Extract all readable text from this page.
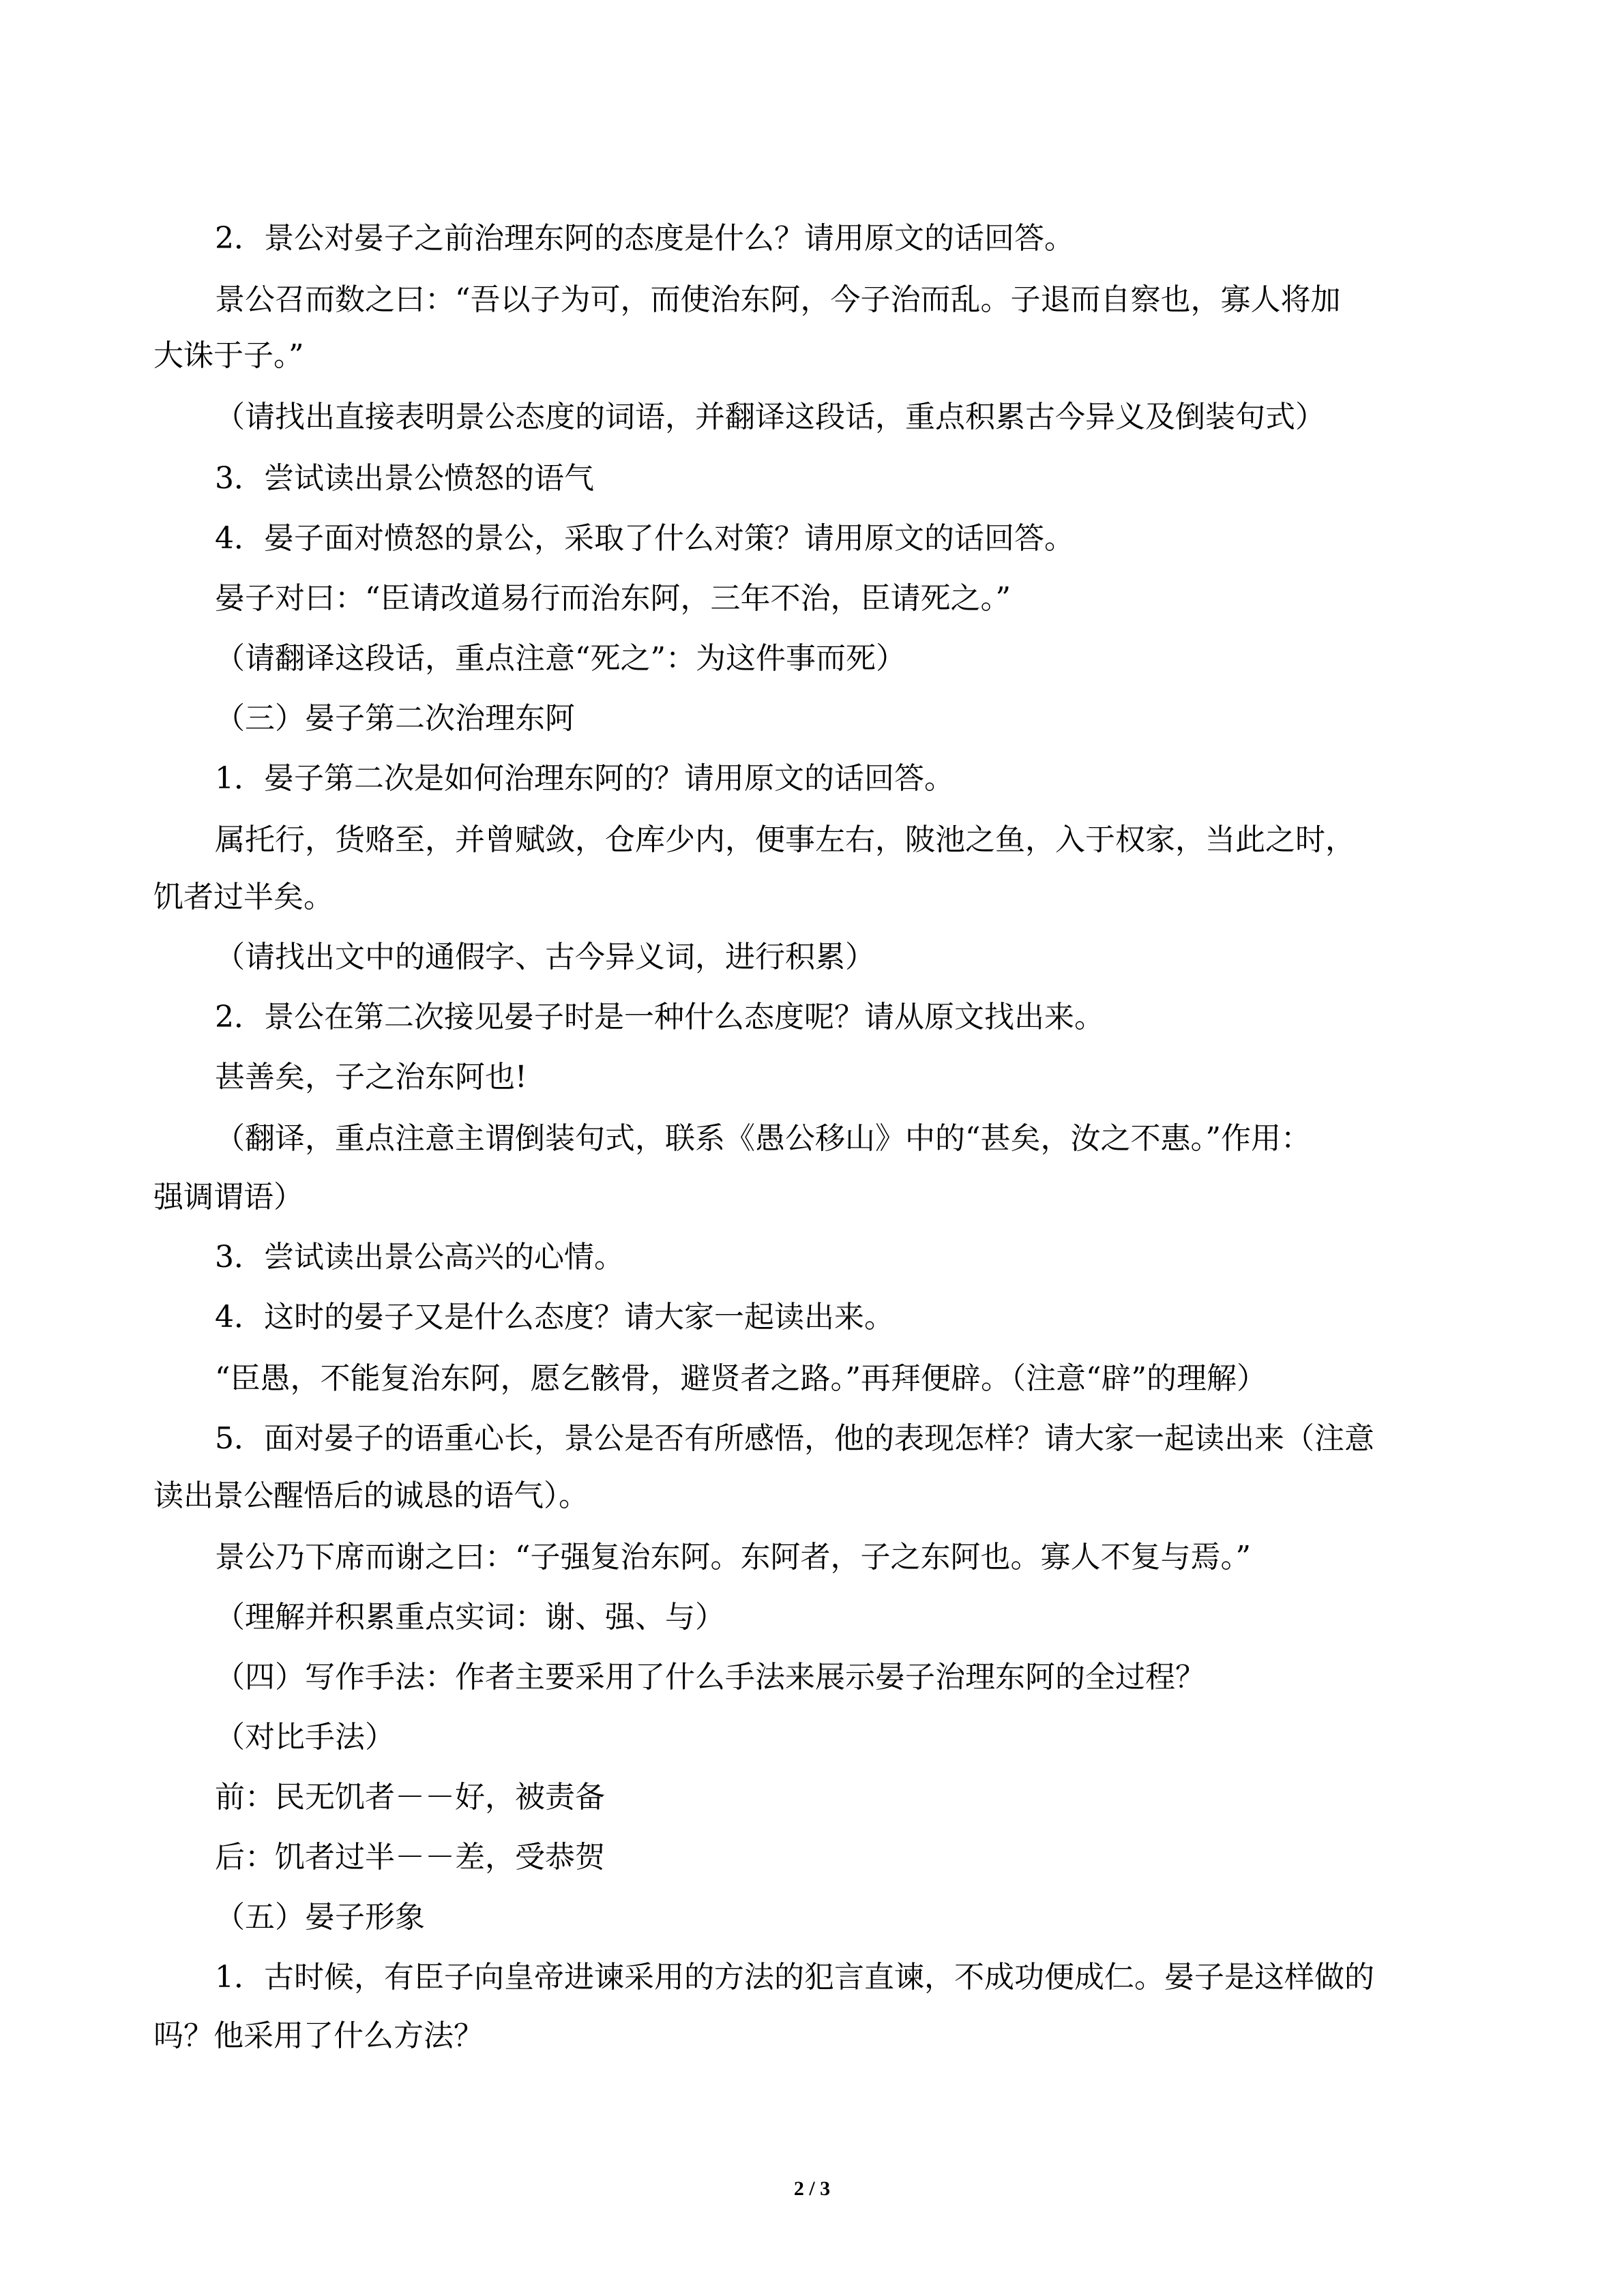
2．景公对晏子之前治理东阿的态度是什么？请用原文的话回答。
景公召而数之曰：“吾以子为可，而使治东阿，今子治而乱。子退而自察也，寡人将加
大诛于子。”
（请找出直接表明景公态度的词语，并翻译这段话，重点积累古今异义及倒装句式）
3．尝试读出景公愤怒的语气
4．晏子面对愤怒的景公，采取了什么对策？请用原文的话回答。
晏子对曰：“臣请改道易行而治东阿，三年不治，臣请死之。”
（请翻译这段话，重点注意“死之”：为这件事而死）
（三）晏子第二次治理东阿
1．晏子第二次是如何治理东阿的？请用原文的话回答。
属托行，货赂至，并曾赋敛，仓库少内，便事左右，陂池之鱼，入于权家，当此之时，
饥者过半矣。
（请找出文中的通假字、古今异义词，进行积累）
2．景公在第二次接见晏子时是一种什么态度呢？请从原文找出来。
甚善矣，子之治东阿也!
（翻译，重点注意主谓倒装句式，联系《愚公移山》中的“甚矣，汝之不惠。”作用：
强调谓语）
3．尝试读出景公高兴的心情。
4．这时的晏子又是什么态度？请大家一起读出来。
“臣愚，不能复治东阿，愿乞骸骨，避贤者之路。”再拜便辟。（注意“辟”的理解）
5．面对晏子的语重心长，景公是否有所感悟，他的表现怎样？请大家一起读出来（注意
读出景公醒悟后的诚恳的语气）。
景公乃下席而谢之曰：“子强复治东阿。东阿者，子之东阿也。寡人不复与焉。”
（理解并积累重点实词：谢、强、与）
（四）写作手法：作者主要采用了什么手法来展示晏子治理东阿的全过程？
（对比手法）
前：民无饥者－－好，被责备
后：饥者过半－－差，受恭贺
（五）晏子形象
1．古时候，有臣子向皇帝进谏采用的方法的犯言直谏，不成功便成仁。晏子是这样做的
吗？他采用了什么方法？
2 / 3
